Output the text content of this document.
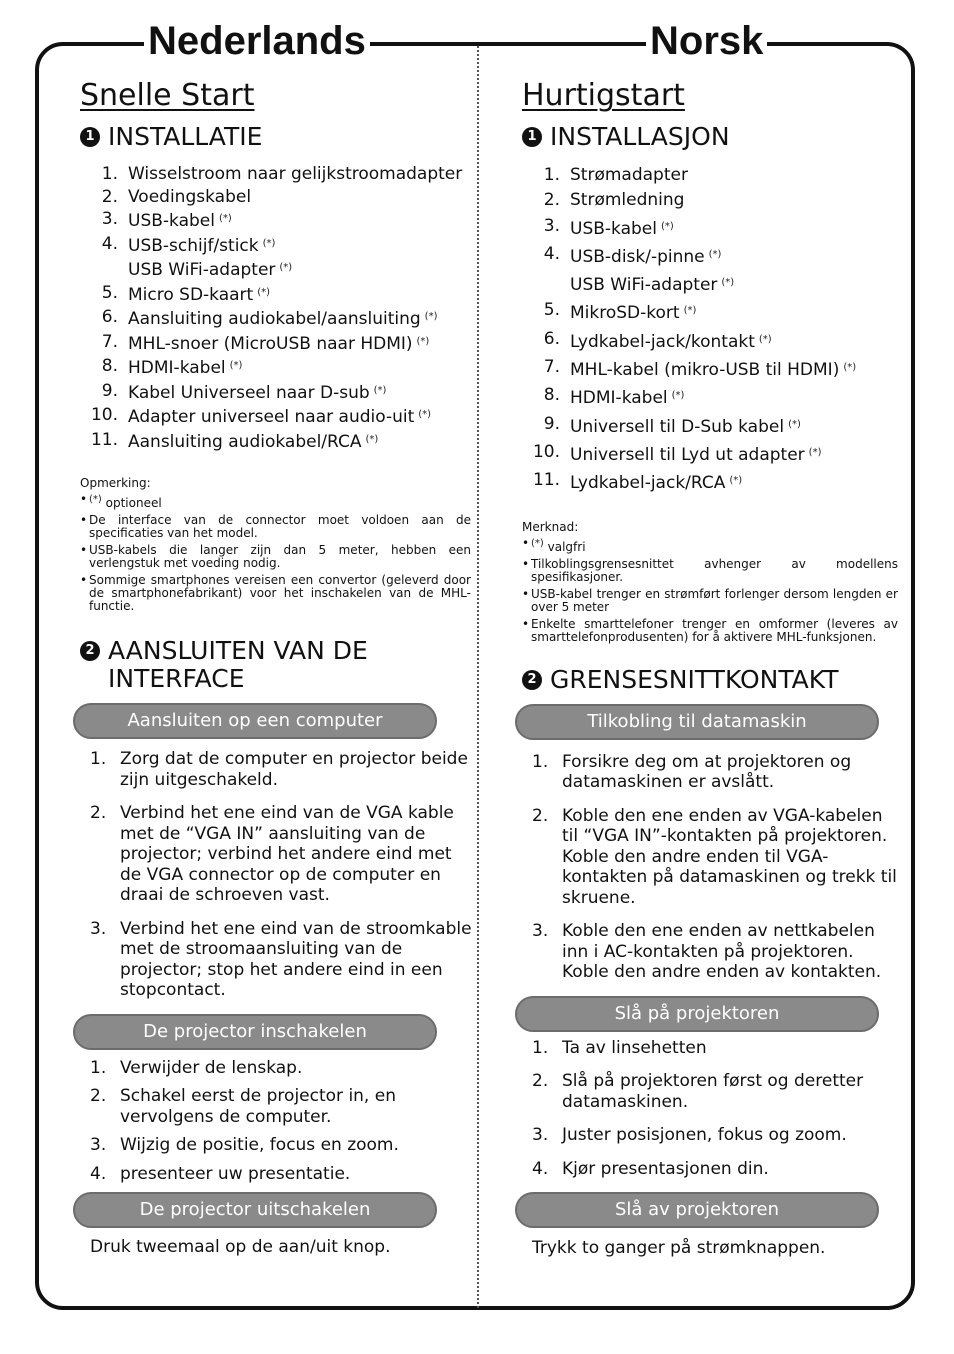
Nederlands	Norsk
Snelle Start
1 INSTALLATIE
1. Wisselstroom naar gelijkstroomadapter
2. Voedingskabel
3. USB-kabel (*)
4. USB-schijf/stick (*)
USB WiFi-adapter (*)
5. Micro SD-kaart (*)
6. Aansluiting audiokabel/aansluiting (*)
7. MHL-snoer (MicroUSB naar HDMI) (*)
8. HDMI-kabel (*)
9. Kabel Universeel naar D-sub (*)
10. Adapter universeel naar audio-uit (*)
11. Aansluiting audiokabel/RCA (*)
Opmerking:
• (*) optioneel
• De interface van de connector moet voldoen aan de specificaties van het model.
• USB-kabels die langer zijn dan 5 meter, hebben een verlengstuk met voeding nodig.
• Sommige smartphones vereisen een convertor (geleverd door de smartphonefabrikant) voor het inschakelen van de MHL-functie.
2 AANSLUITEN VAN DE INTERFACE
Aansluiten op een computer
1. Zorg dat de computer en projector beide zijn uitgeschakeld.
2. Verbind het ene eind van de VGA kable met de “VGA IN” aansluiting van de projector; verbind het andere eind met de VGA connector op de computer en draai de schroeven vast.
3. Verbind het ene eind van de stroomkable met de stroomaansluiting van de projector; stop het andere eind in een stopcontact.
De projector inschakelen
1. Verwijder de lenskap.
2. Schakel eerst de projector in, en vervolgens de computer.
3. Wijzig de positie, focus en zoom.
4. presenteer uw presentatie.
De projector uitschakelen
Druk tweemaal op de aan/uit knop.
Hurtigstart
1 INSTALLASJON
1. Strømadapter
2. Strømledning
3. USB-kabel (*)
4. USB-disk/-pinne (*)
USB WiFi-adapter (*)
5. MikroSD-kort (*)
6. Lydkabel-jack/kontakt (*)
7. MHL-kabel (mikro-USB til HDMI) (*)
8. HDMI-kabel (*)
9. Universell til D-Sub kabel (*)
10. Universell til Lyd ut adapter (*)
11. Lydkabel-jack/RCA (*)
Merknad:
• (*) valgfri
• Tilkoblingsgrensesnittet avhenger av modellens spesifikasjoner.
• USB-kabel trenger en strømført forlenger dersom lengden er over 5 meter
• Enkelte smarttelefoner trenger en omformer (leveres av smarttelefonprodusenten) for å aktivere MHL-funksjonen.
2 GRENSESNITTKONTAKT
Tilkobling til datamaskin
1. Forsikre deg om at projektoren og datamaskinen er avslått.
2. Koble den ene enden av VGA-kabelen til “VGA IN”-kontakten på projektoren. Koble den andre enden til VGA-kontakten på datamaskinen og trekk til skruene.
3. Koble den ene enden av nettkabelen inn i AC-kontakten på projektoren. Koble den andre enden av kontakten.
Slå på projektoren
1. Ta av linsehetten
2. Slå på projektoren først og deretter datamaskinen.
3. Juster posisjonen, fokus og zoom.
4. Kjør presentasjonen din.
Slå av projektoren
Trykk to ganger på strømknappen.
